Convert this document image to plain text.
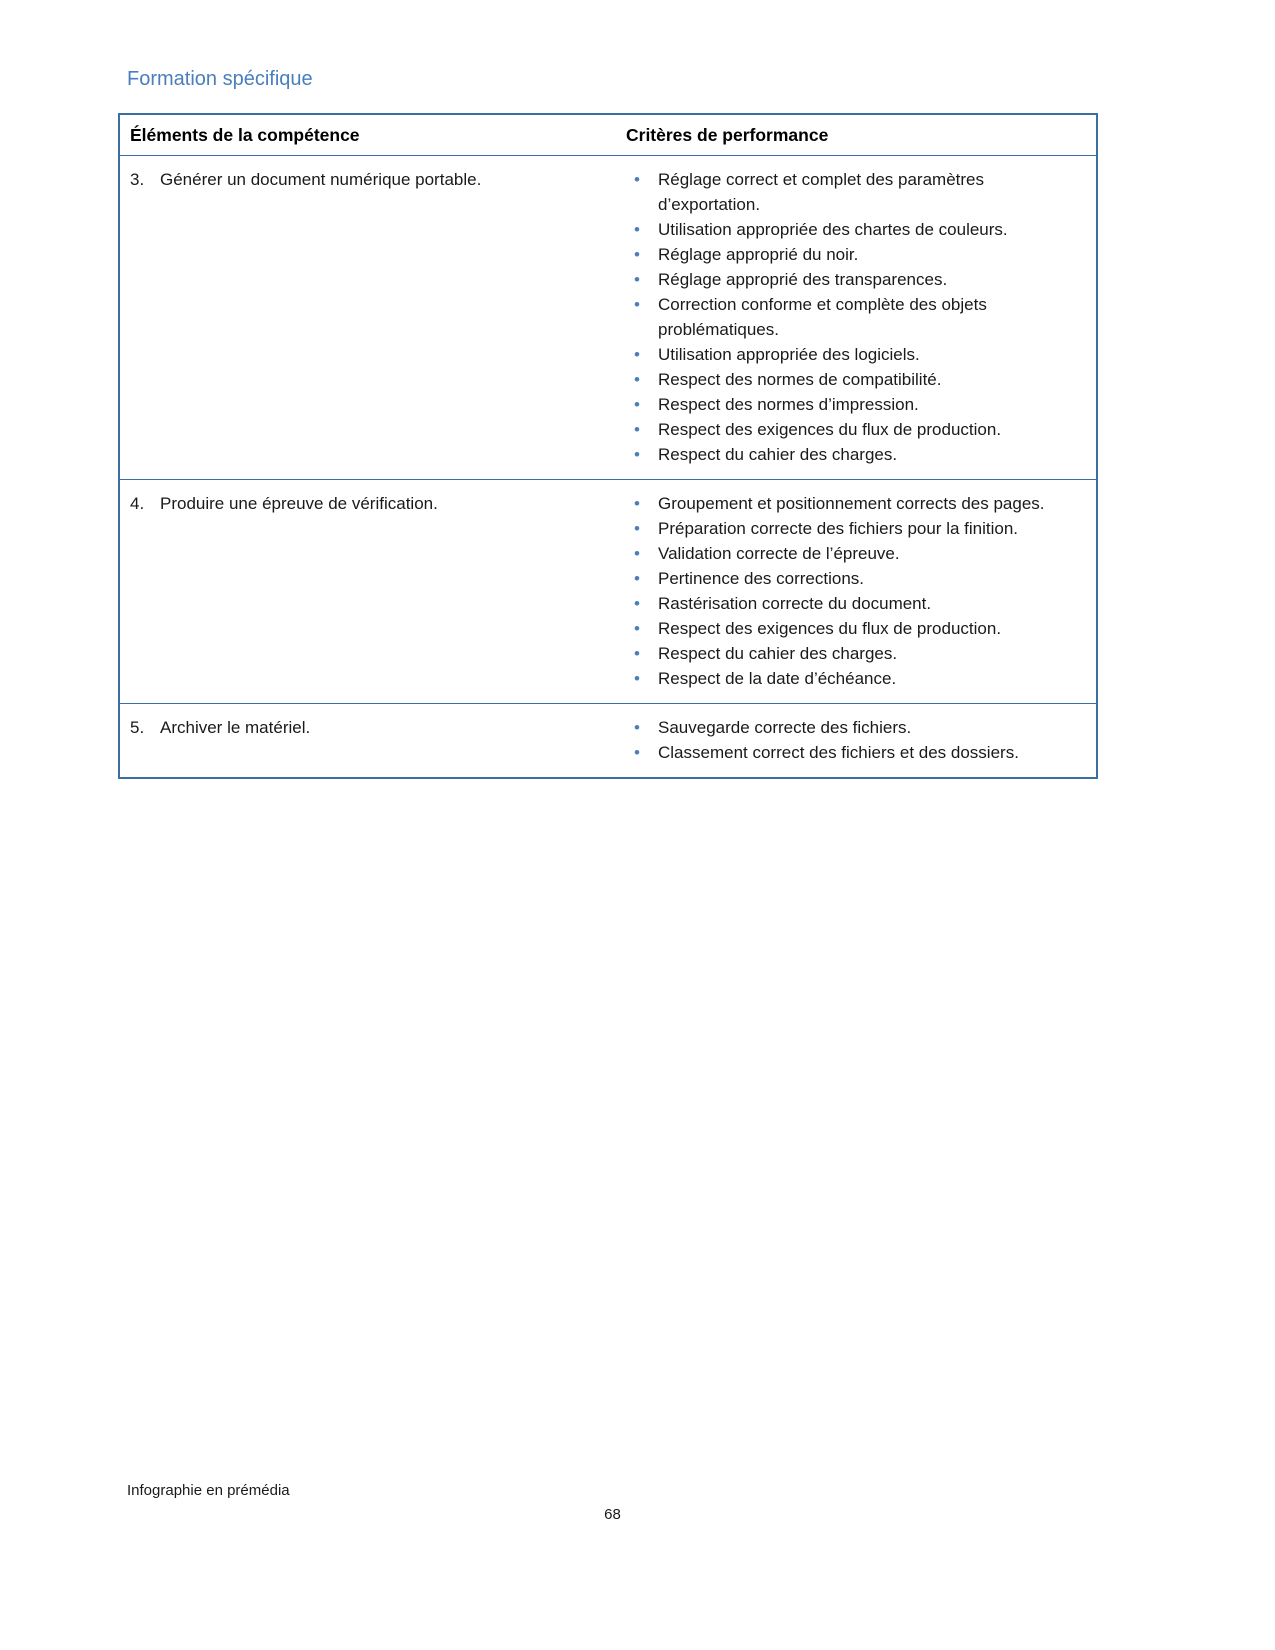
Formation spécifique
Éléments de la compétence	Critères de performance

3. Générer un document numérique portable.

•Réglage correct et complet des paramètres d’exportation.
• Utilisation appropriée des chartes de couleurs.
• Réglage approprié du noir.
• Réglage approprié des transparences.
• Correction conforme et complète des objets problématiques.
• Utilisation appropriée des logiciels.
• Respect des normes de compatibilité.
• Respect des normes d’impression.
• Respect des exigences du flux de production.
• Respect du cahier des charges.

4. Produire une épreuve de vérification.

•Groupement et positionnement corrects des pages.
• Préparation correcte des fichiers pour la finition.
• Validation correcte de l’épreuve.
• Pertinence des corrections.
• Rastérisation correcte du document.
• Respect des exigences du flux de production.
• Respect du cahier des charges.
• Respect de la date d’échéance.

5. Archiver le matériel.

•Sauvegarde correcte des fichiers.
• Classement correct des fichiers et des dossiers.
Infographie en prémédia
68
